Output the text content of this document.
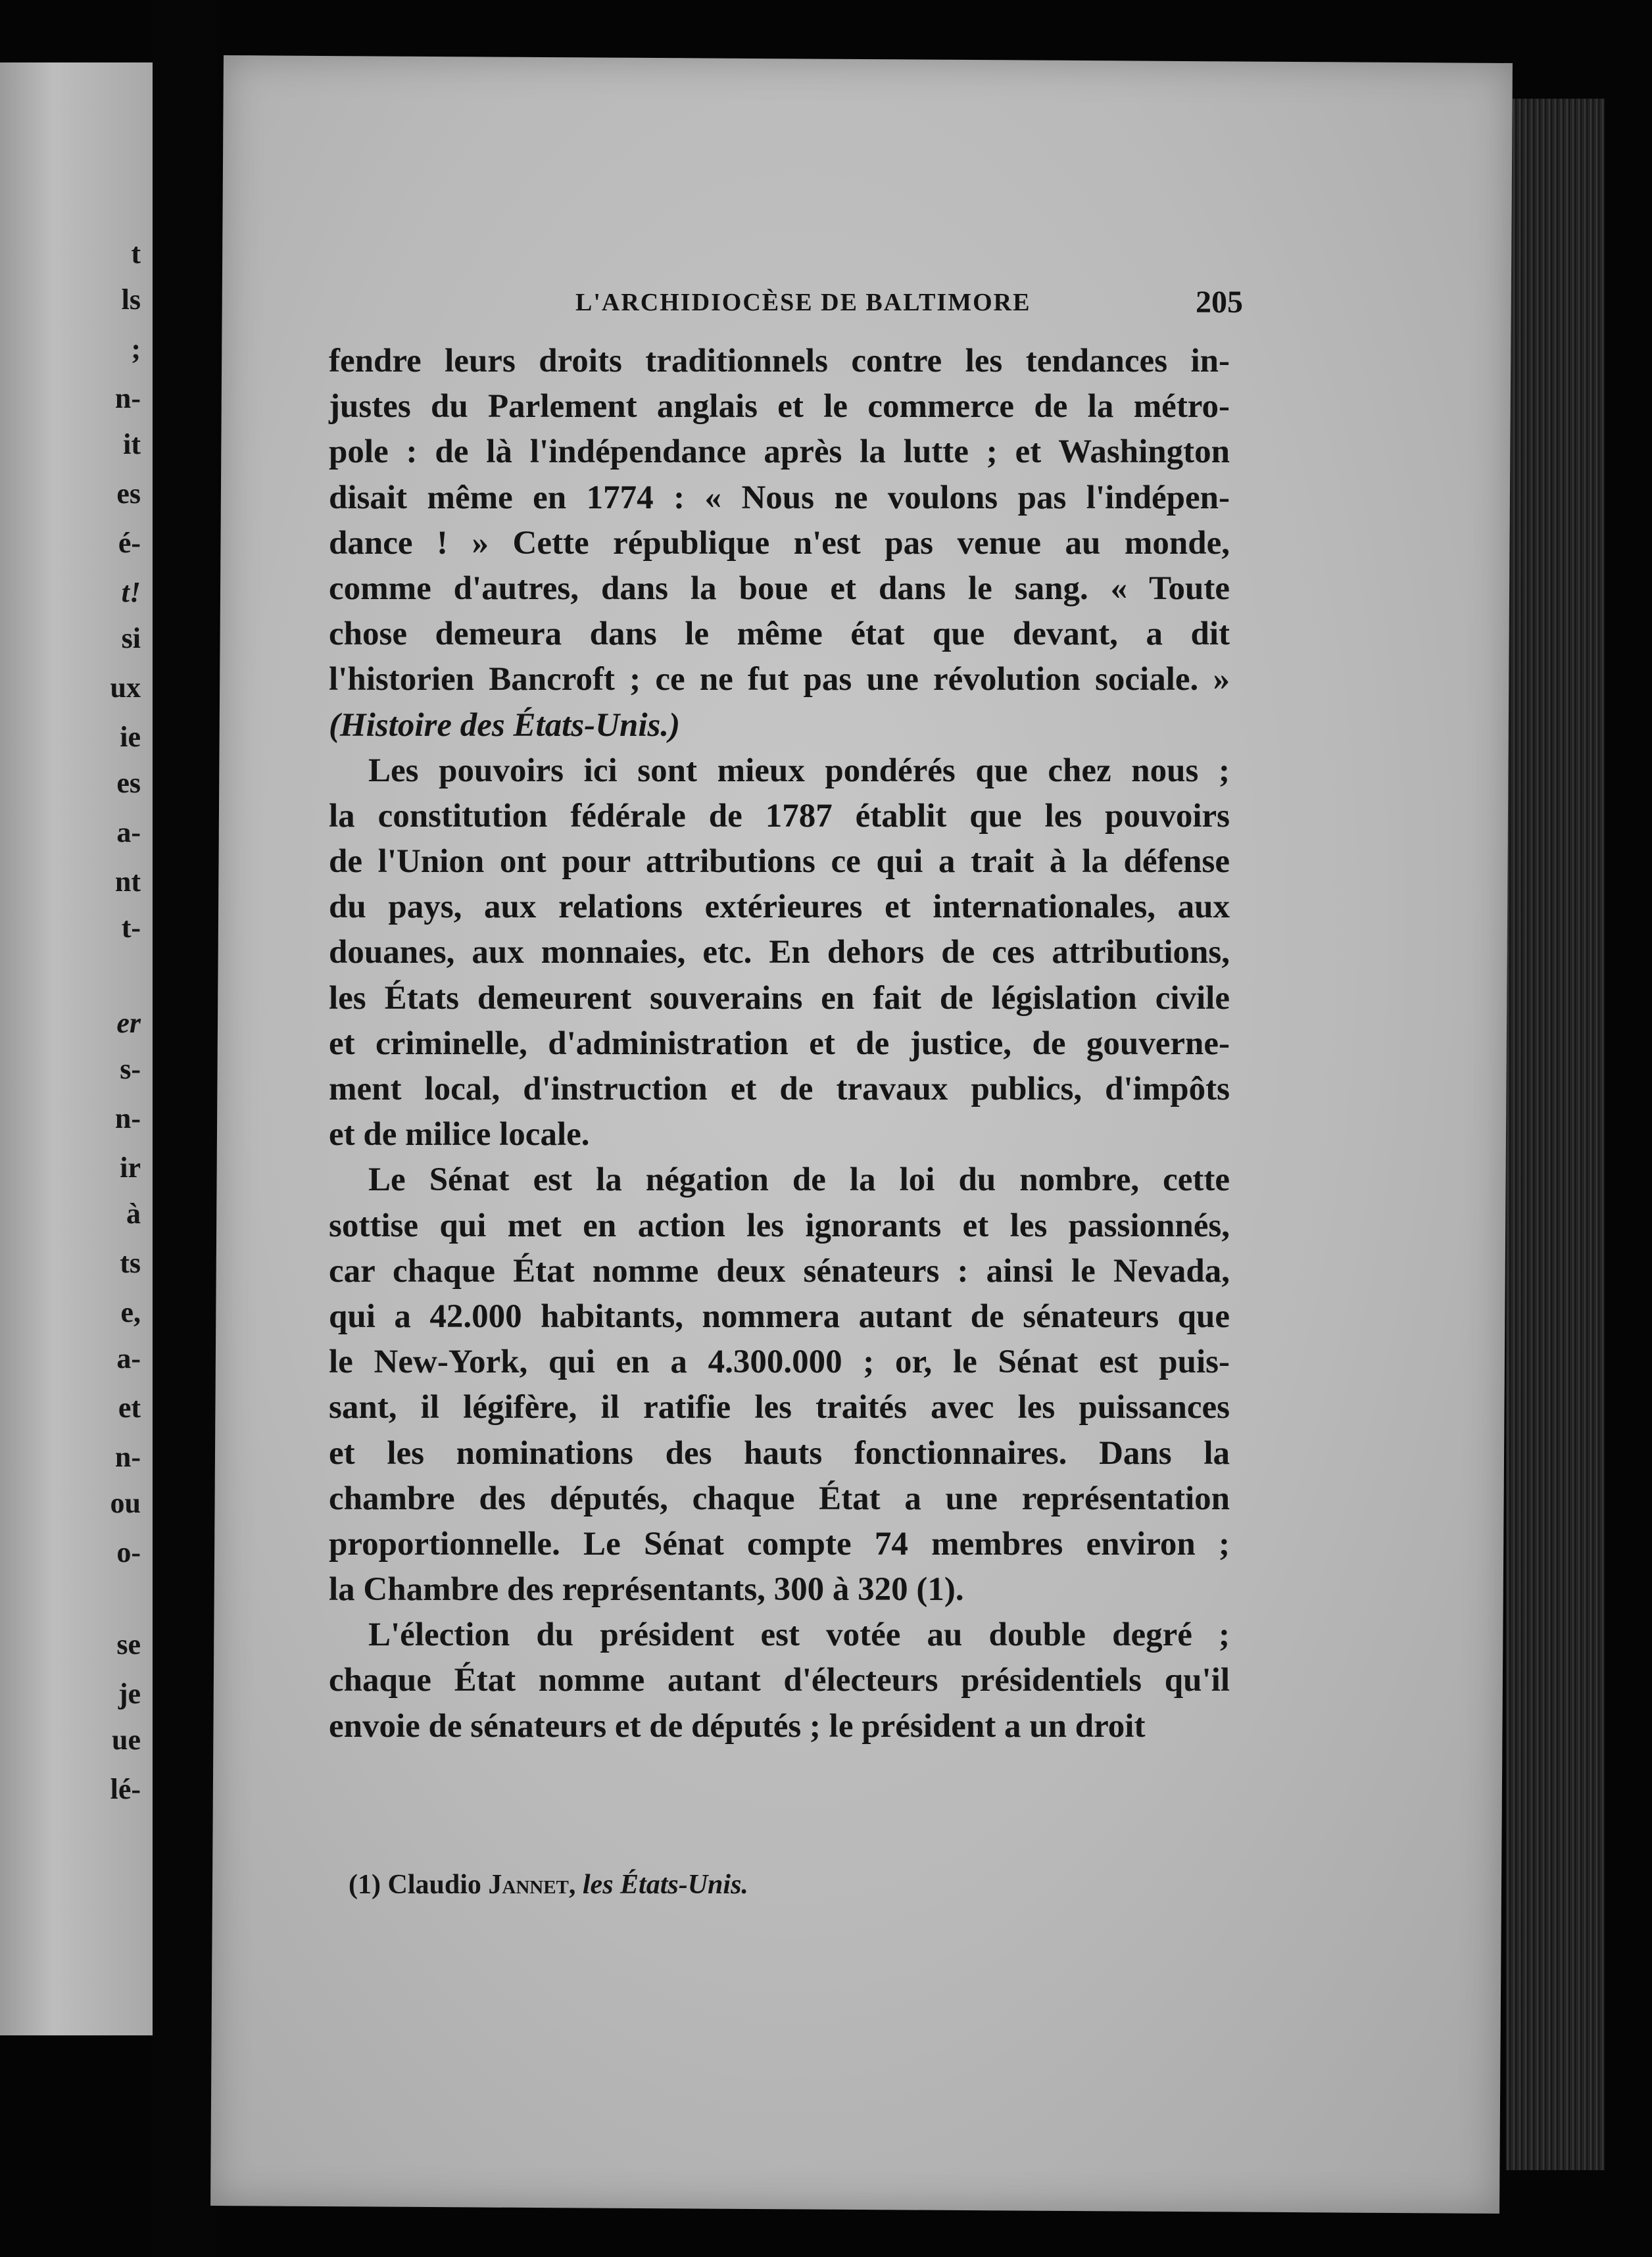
t
ls
;
n-
it
es
é-
t!
si
ux
ie
es
a-
nt
t-
er
s-
n-
ir
à
ts
e,
a-
et
n-
ou
o-
se
je
ue
lé-
L'ARCHIDIOCÈSE DE BALTIMORE	205
fendre leurs droits traditionnels contre les tendances in-
justes du Parlement anglais et le commerce de la métro-
pole : de là l'indépendance après la lutte ; et Washington
disait même en 1774 : « Nous ne voulons pas l'indépen-
dance ! » Cette république n'est pas venue au monde,
comme d'autres, dans la boue et dans le sang. « Toute
chose demeura dans le même état que devant, a dit
l'historien Bancroft ; ce ne fut pas une révolution sociale. »
(Histoire des États-Unis.)
Les pouvoirs ici sont mieux pondérés que chez nous ;
la constitution fédérale de 1787 établit que les pouvoirs
de l'Union ont pour attributions ce qui a trait à la défense
du pays, aux relations extérieures et internationales, aux
douanes, aux monnaies, etc. En dehors de ces attributions,
les États demeurent souverains en fait de législation civile
et criminelle, d'administration et de justice, de gouverne-
ment local, d'instruction et de travaux publics, d'impôts
et de milice locale.
Le Sénat est la négation de la loi du nombre, cette
sottise qui met en action les ignorants et les passionnés,
car chaque État nomme deux sénateurs : ainsi le Nevada,
qui a 42.000 habitants, nommera autant de sénateurs que
le New-York, qui en a 4.300.000 ; or, le Sénat est puis-
sant, il légifère, il ratifie les traités avec les puissances
et les nominations des hauts fonctionnaires. Dans la
chambre des députés, chaque État a une représentation
proportionnelle. Le Sénat compte 74 membres environ ;
la Chambre des représentants, 300 à 320 (1).
L'élection du président est votée au double degré ;
chaque État nomme autant d'électeurs présidentiels qu'il
envoie de sénateurs et de députés ; le président a un droit
(1) Claudio Jannet, les États-Unis.
